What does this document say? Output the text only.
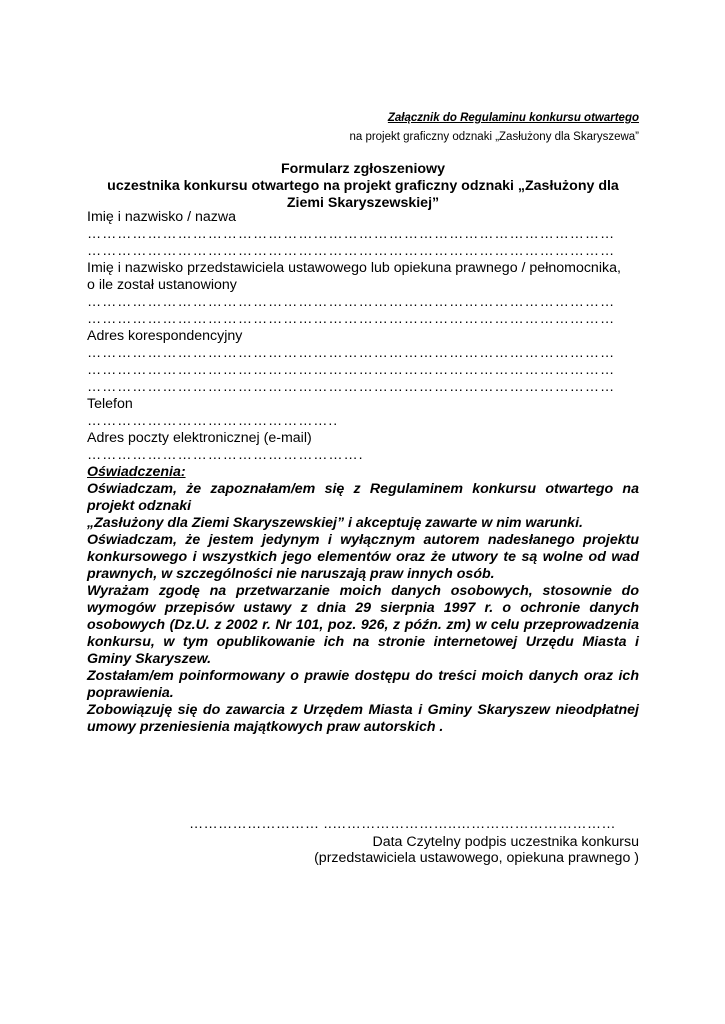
Załącznik do Regulaminu konkursu otwartego
na projekt graficzny odznaki „Zasłużony dla Skaryszewa”
Formularz zgłoszeniowy
uczestnika konkursu otwartego na projekt graficzny odznaki „Zasłużony dla
Ziemi Skaryszewskiej”
Imię i nazwisko / nazwa
……………………………………………………………………………………………
……………………………………………………………………………………………
Imię i nazwisko przedstawiciela ustawowego lub opiekuna prawnego / pełnomocnika,
o ile został ustanowiony
……………………………………………………………………………………………
……………………………………………………………………………………………
Adres korespondencyjny
……………………………………………………………………………………………
……………………………………………………………………………………………
……………………………………………………………………………………………
Telefon
…………………………………………..
Adres poczty elektronicznej (e-mail)
……………………………………………….
Oświadczenia:
Oświadczam, że zapoznałam/em się z Regulaminem konkursu otwartego na
projekt odznaki
„Zasłużony dla Ziemi Skaryszewskiej” i akceptuję zawarte w nim warunki.
Oświadczam, że jestem jedynym i wyłącznym autorem nadesłanego projektu konkursowego i wszystkich jego elementów oraz że utwory te są wolne od wad prawnych, w szczególności nie naruszają praw innych osób.
Wyrażam zgodę na przetwarzanie moich danych osobowych, stosownie do wymogów przepisów ustawy z dnia 29 sierpnia 1997 r. o ochronie danych osobowych (Dz.U. z 2002 r. Nr 101, poz. 926, z późn. zm) w celu przeprowadzenia konkursu, w tym opublikowanie ich na stronie internetowej Urzędu Miasta i Gminy Skaryszew.
Zostałam/em poinformowany o prawie dostępu do treści moich danych oraz ich poprawienia.
Zobowiązuję się do zawarcia z Urzędem Miasta i Gminy Skaryszew nieodpłatnej umowy przeniesienia majątkowych praw autorskich .
……………………… ..……………………..……………………………
Data Czytelny podpis uczestnika konkursu
(przedstawiciela ustawowego, opiekuna prawnego )
